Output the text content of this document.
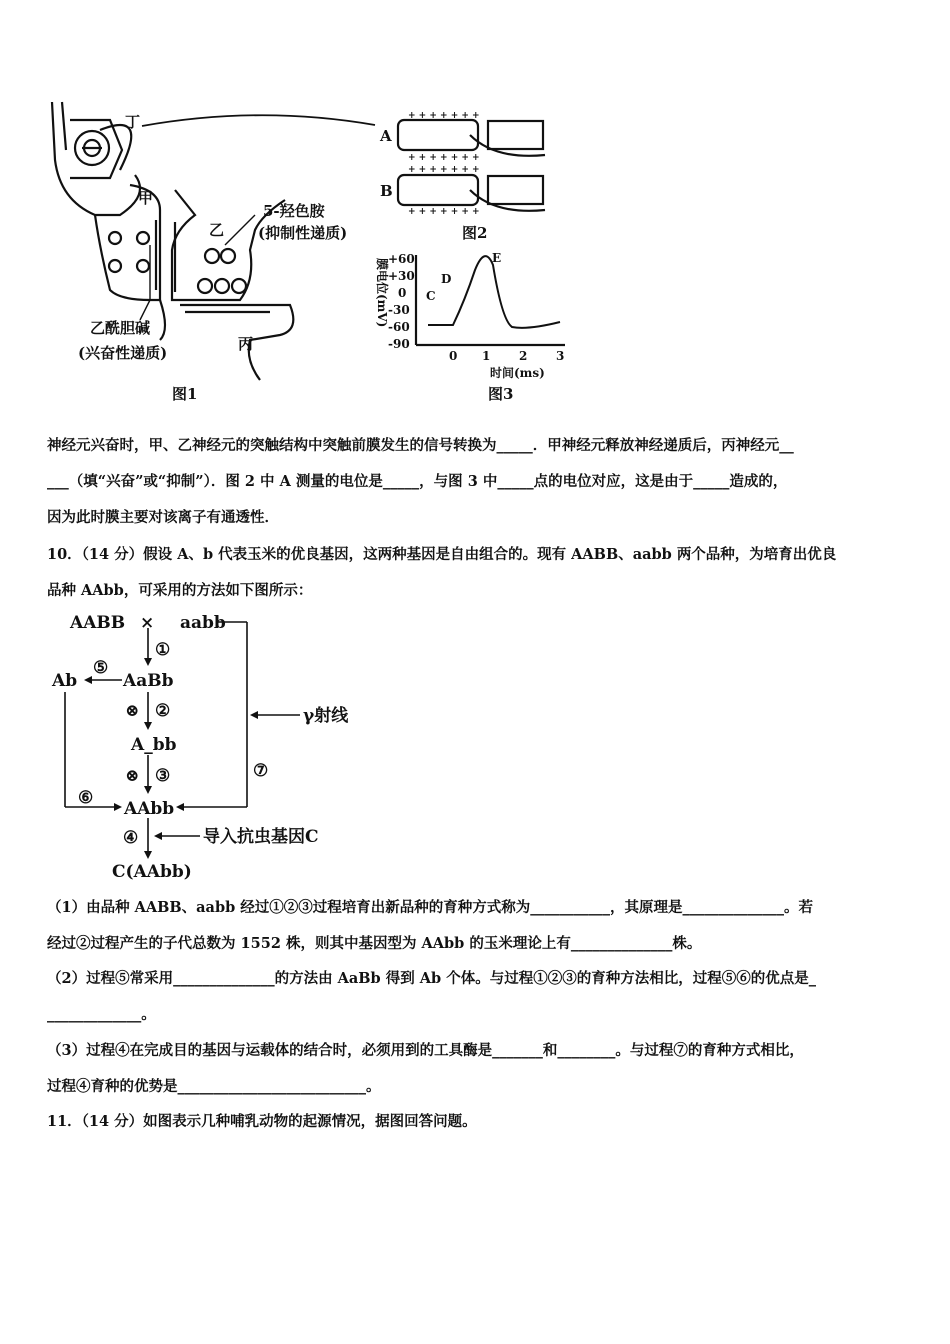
+ + + + + + +
+ + + + + + +
+ + + + + + +
+ + + + + + +
丁
甲
乙
丙
5-羟色胺
(抑制性递质)
乙酰胆碱
(兴奋性递质)
图1
A
B
图2
图3
+60
+30
0
-30
-60
-90
0 1 2 3
时间(ms)
C
D
E
膜电位(mV)
神经元兴奋时，甲、乙神经元的突触结构中突触前膜发生的信号转换为_____．甲神经元释放神经递质后，丙神经元__
___（填“兴奋”或“抑制”）．图 2 中 A 测量的电位是_____，与图 3 中_____点的电位对应，这是由于_____造成的，
因为此时膜主要对该离子有通透性．
10．（14 分）假设 A、b 代表玉米的优良基因，这两种基因是自由组合的。现有 AABB、aabb 两个品种，为培育出优良
品种 AAbb，可采用的方法如下图所示：
AABB × aabb
①
⑤
Ab	AaBb
⊗ ②
A_bb
⊗ ③	⑦
⑥
AAbb
④
γ射线
导入抗虫基因C
C(AAbb)
（1）由品种 AABB、aabb 经过①②③过程培育出新品种的育种方式称为___________，其原理是______________。若
经过②过程产生的子代总数为 1552 株，则其中基因型为 AAbb 的玉米理论上有______________株。
（2）过程⑤常采用______________的方法由 AaBb 得到 Ab 个体。与过程①②③的育种方法相比，过程⑤⑥的优点是_
_____________。
（3）过程④在完成目的基因与运载体的结合时，必须用到的工具酶是_______和________。与过程⑦的育种方式相比，
过程④育种的优势是__________________________。
11．（14 分）如图表示几种哺乳动物的起源情况，据图回答问题。
